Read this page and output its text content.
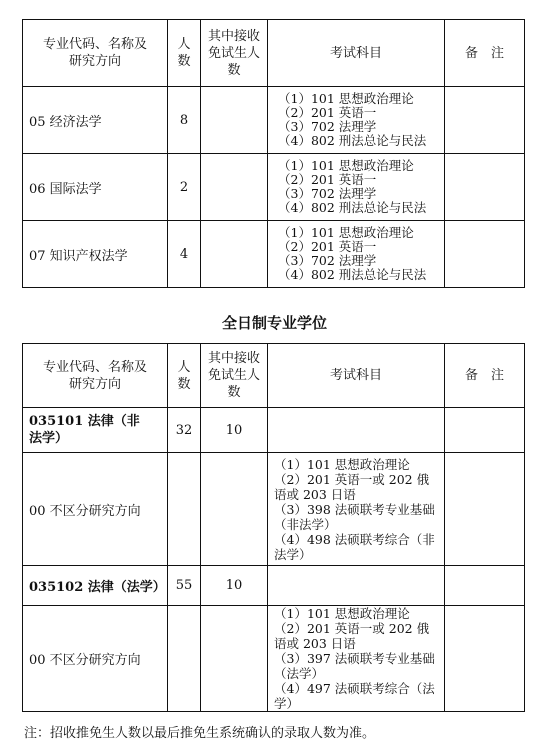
专业代码、名称及研究方向	人数	其中接收免试生人数	考试科目	备　注
05 经济法学	8		（1）101 思想政治理论
（2）201 英语一
（3）702 法理学
（4）802 刑法总论与民法	

06 国际法学	2		（1）101 思想政治理论
（2）201 英语一
（3）702 法理学
（4）802 刑法总论与民法	

07 知识产权法学	4		（1）101 思想政治理论
（2）201 英语一
（3）702 法理学
（4）802 刑法总论与民法	

全日制专业学位
专业代码、名称及研究方向	人数	其中接收免试生人数	考试科目	备　注
035101 法律（非法学）	32	10		
00 不区分研究方向			（1）101 思想政治理论
（2）201 英语一或 202 俄语或 203 日语
（3）398 法硕联考专业基础（非法学）
（4）498 法硕联考综合（非法学）	

035102 法律（法学）	55	10		
00 不区分研究方向			（1）101 思想政治理论
（2）201 英语一或 202 俄语或 203 日语
（3）397 法硕联考专业基础（法学）
（4）497 法硕联考综合（法学）	

注：招收推免生人数以最后推免生系统确认的录取人数为准。
